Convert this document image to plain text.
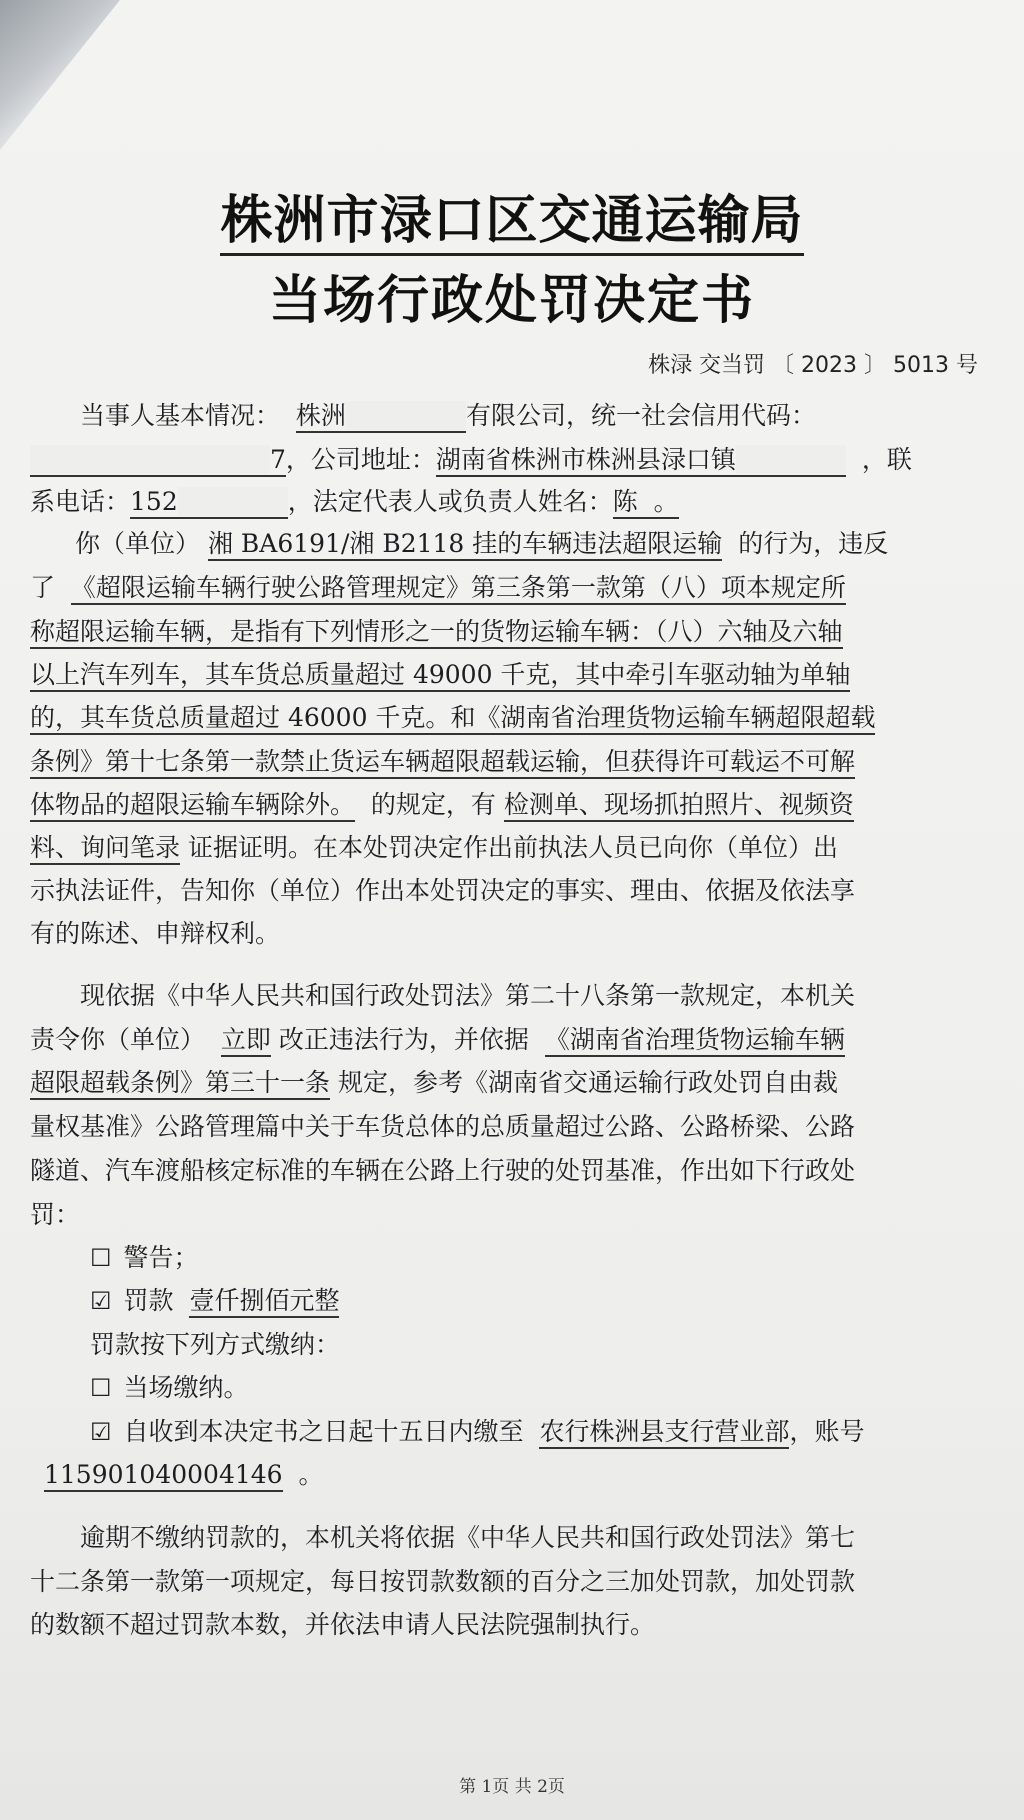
株洲市渌口区交通运输局
当场行政处罚决定书
株渌 交当罚 〔 2023 〕 5013 号
当事人基本情况： 株洲	有限公司，统一社会信用代码：
7，公司地址：湖南省株洲市株洲县渌口镇	，联
系电话：152	，法定代表人或负责人姓名：陈 。
你（单位） 湘 BA6191/湘 B2118 挂的车辆违法超限运输 的行为，违反
了 《超限运输车辆行驶公路管理规定》第三条第一款第（八）项本规定所
称超限运输车辆，是指有下列情形之一的货物运输车辆：（八）六轴及六轴
以上汽车列车，其车货总质量超过 49000 千克，其中牵引车驱动轴为单轴
的，其车货总质量超过 46000 千克。和《湖南省治理货物运输车辆超限超载
条例》第十七条第一款禁止货运车辆超限超载运输，但获得许可载运不可解
体物品的超限运输车辆除外。 的规定，有 检测单、现场抓拍照片、视频资
料、询问笔录 证据证明。在本处罚决定作出前执法人员已向你（单位）出
示执法证件，告知你（单位）作出本处罚决定的事实、理由、依据及依法享
有的陈述、申辩权利。
现依据《中华人民共和国行政处罚法》第二十八条第一款规定，本机关
责令你（单位） 立即 改正违法行为，并依据 《湖南省治理货物运输车辆
超限超载条例》第三十一条 规定，参考《湖南省交通运输行政处罚自由裁
量权基准》公路管理篇中关于车货总体的总质量超过公路、公路桥梁、公路
隧道、汽车渡船核定标准的车辆在公路上行驶的处罚基准，作出如下行政处
罚：
☐ 警告；
☑ 罚款 壹仟捌佰元整
罚款按下列方式缴纳：
☐ 当场缴纳。
☑ 自收到本决定书之日起十五日内缴至 农行株洲县支行营业部，账号
115901040004146 。
逾期不缴纳罚款的，本机关将依据《中华人民共和国行政处罚法》第七
十二条第一款第一项规定，每日按罚款数额的百分之三加处罚款，加处罚款
的数额不超过罚款本数，并依法申请人民法院强制执行。
第 1页 共 2页
